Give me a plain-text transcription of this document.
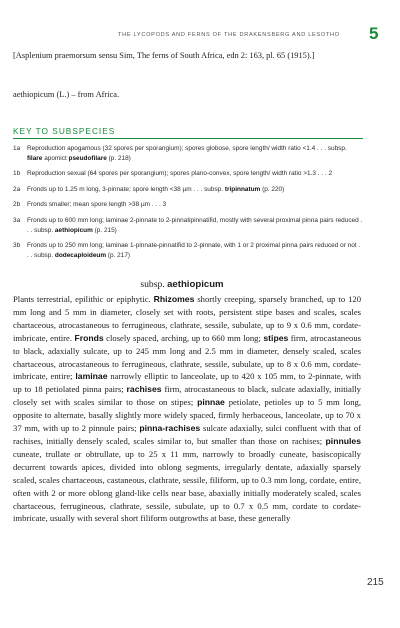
THE LYCOPODS AND FERNS OF THE DRAKENSBERG AND LESOTHO 5
[Asplenium praemorsum sensu Sim, The ferns of South Africa, edn 2: 163, pl. 65 (1915).]
aethiopicum (L.) – from Africa.
KEY TO SUBSPECIES
1a	Reproduction apogamous (32 spores per sporangium); spores globose, spore length/ width ratio <1.4 . . . subsp. filare apomict pseudofilare (p. 218)
1b	Reproduction sexual (64 spores per sporangium); spores plano-convex, spore length/ width ratio >1.3 . . . 2
2a	Fronds up to 1.25 m long, 3-pinnate; spore length <38 µm . . . subsp. tripinnatum (p. 220)
2b	Fronds smaller; mean spore length >38 µm . . . 3
3a	Fronds up to 600 mm long; laminae 2-pinnate to 2-pinnatipinnatifid, mostly with several proximal pinna pairs reduced . . . subsp. aethiopicum (p. 215)
3b	Fronds up to 250 mm long; laminae 1-pinnate-pinnatifid to 2-pinnate, with 1 or 2 proximal pinna pairs reduced or not . . . subsp. dodecaploideum (p. 217)
subsp. aethiopicum
Plants terrestrial, epilithic or epiphytic. Rhizomes shortly creeping, sparsely branched, up to 120 mm long and 5 mm in diameter, closely set with roots, persistent stipe bases and scales, scales chartaceous, atrocastaneous to ferrugineous, clathrate, sessile, subulate, up to 9 x 0.6 mm, cordate-imbricate, entire. Fronds closely spaced, arching, up to 660 mm long; stipes firm, atrocastaneous to black, adaxially sulcate, up to 245 mm long and 2.5 mm in diameter, densely scaled, scales chartaceous, atrocastaneous to ferrugineous, clathrate, sessile, subulate, up to 8 x 0.6 mm, cordate-imbricate, entire; laminae narrowly elliptic to lanceolate, up to 420 x 105 mm, to 2-pinnate, with up to 18 petiolated pinna pairs; rachises firm, atrocastaneous to black, sulcate adaxially, initially closely set with scales similar to those on stipes; pinnae petiolate, petioles up to 5 mm long, opposite to alternate, basally slightly more widely spaced, firmly herbaceous, lanceolate, up to 70 x 37 mm, with up to 2 pinnule pairs; pinna-rachises sulcate adaxially, sulci confluent with that of rachises, initially densely scaled, scales similar to, but smaller than those on rachises; pinnules cuneate, trullate or obtrullate, up to 25 x 11 mm, narrowly to broadly cuneate, basiscopically decurrent towards apices, divided into oblong segments, irregularly dentate, adaxially sparsely scaled, scales chartaceous, castaneous, clathrate, sessile, filiform, up to 0.3 mm long, cordate, entire, often with 2 or more oblong gland-like cells near base, abaxially initially moderately scaled, scales chartaceous, ferrugineous, clathrate, sessile, subulate, up to 0.7 x 0.5 mm, cordate to cordate-imbricate, usually with several short filiform outgrowths at base, these generally
215
